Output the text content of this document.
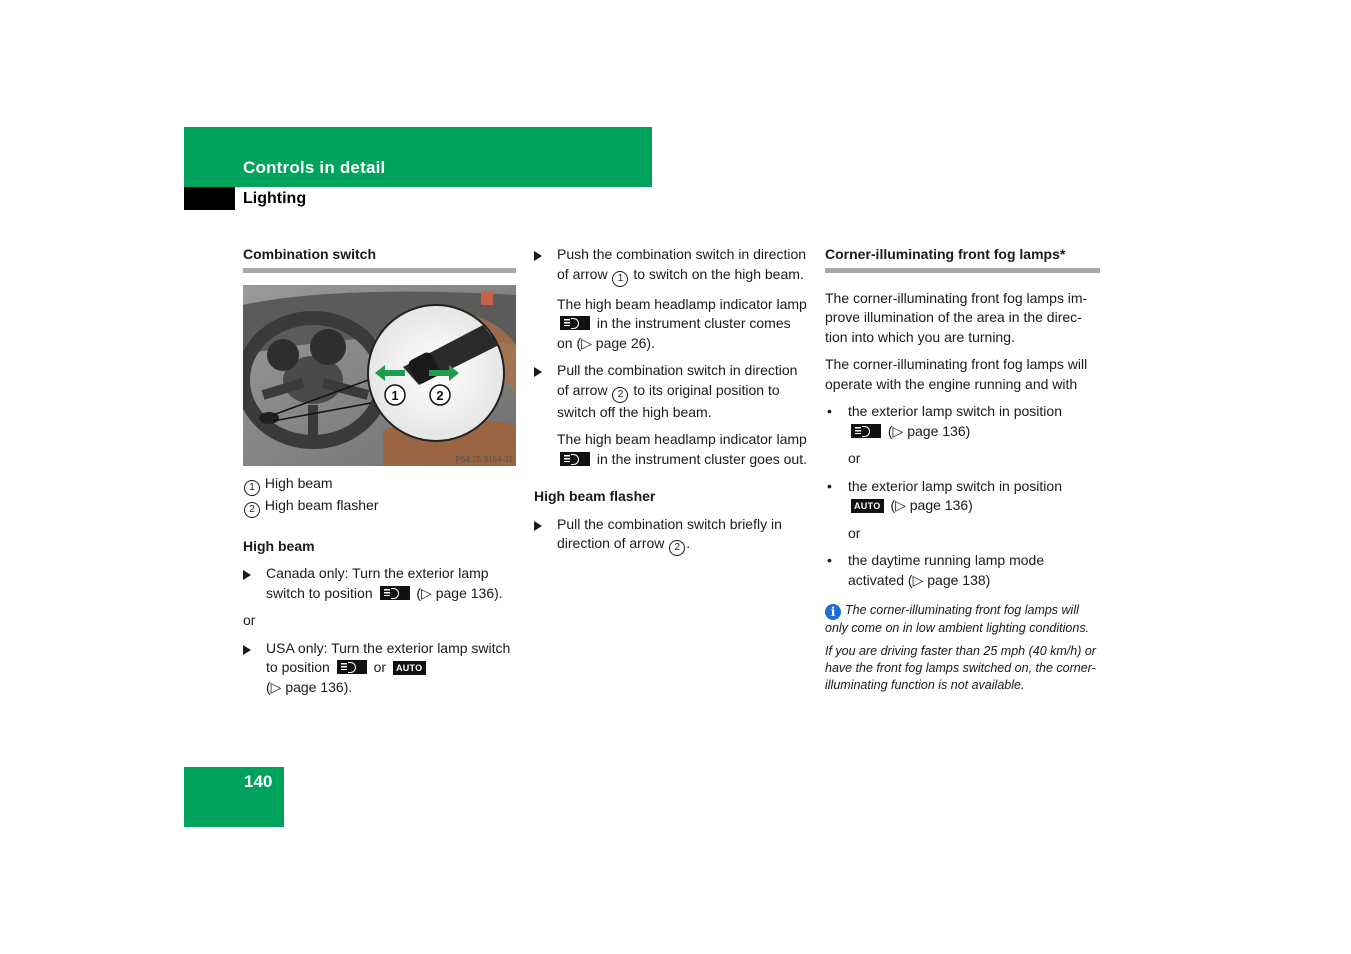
Controls in detail
Lighting
Combination switch
1	2
P54.25-3154-31

1 High beam

2 High beam flasher

High beam
Canada only: Turn the exterior lamp switch to position	(▷ page 136).

or

USA only: Turn the exterior lamp switch to position	or AUTO
(▷ page 136).
Push the combination switch in direction of arrow 1 to switch on the high beam.
The high beam headlamp indicator lamp  in the instrument cluster comes on (▷ page 26).
Pull the combination switch in direction of arrow 2 to its original position to switch off the high beam.
The high beam headlamp indicator lamp  in the instrument cluster goes out.
High beam flasher
Pull the combination switch briefly in direction of arrow 2 .
Corner-illuminating front fog lamps*

The corner-illuminating front fog lamps im-prove illumination of the area in the direc-tion into which you are turning.

The corner-illuminating front fog lamps will operate with the engine running and with

• the exterior lamp switch in position  (▷ page 136)

or

• the exterior lamp switch in position AUTO (▷ page 136)

or

• the daytime running lamp mode activated (▷ page 138)

i The corner-illuminating front fog lamps will only come on in low ambient lighting conditions.

If you are driving faster than 25 mph (40 km/h) or have the front fog lamps switched on, the corner-illuminating function is not available.

140
